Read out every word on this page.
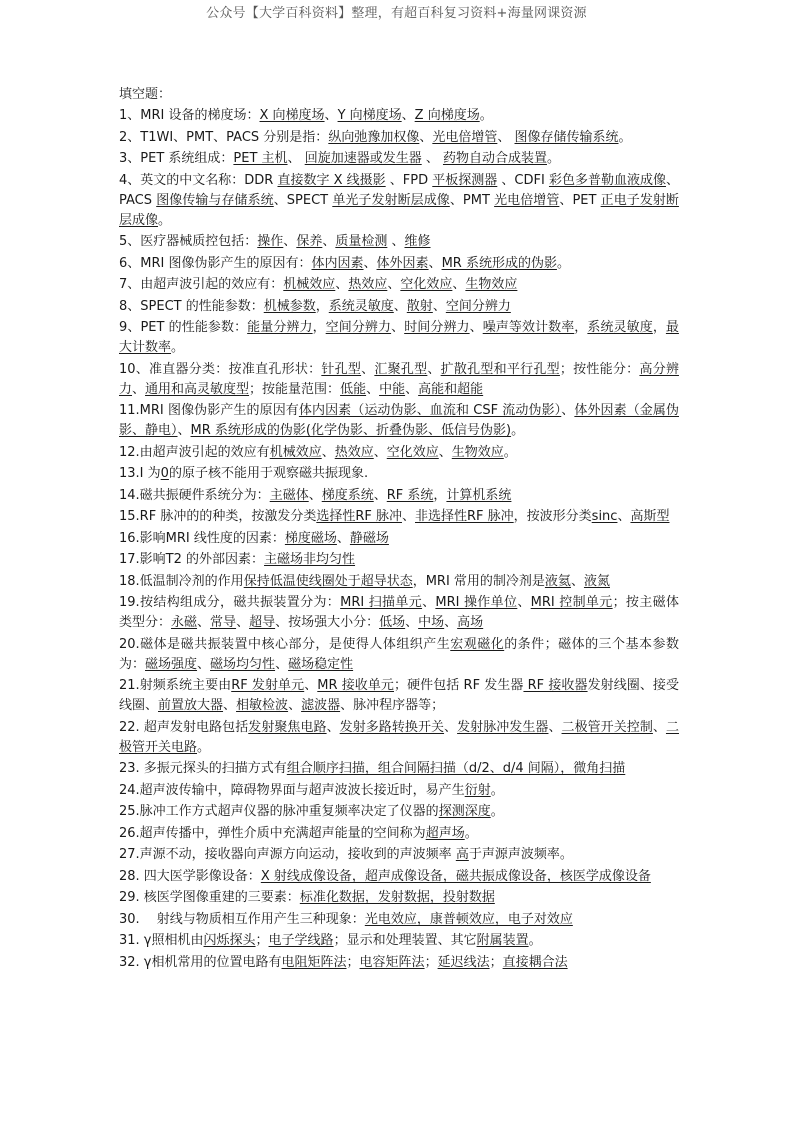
公众号【大学百科资料】整理，有超百科复习资料+海量网课资源
填空题：
1、MRI 设备的梯度场：X 向梯度场、Y 向梯度场、Z 向梯度场。
2、T1WI、PMT、PACS 分别是指：纵向弛豫加权像、光电倍增管、 图像存储传输系统。
3、PET 系统组成：PET 主机、 回旋加速器或发生器 、 药物自动合成装置。
4、英文的中文名称：DDR 直接数字 X 线摄影 、FPD 平板探测器 、CDFI 彩色多普勒血液成像、PACS 图像传输与存储系统、SPECT 单光子发射断层成像、PMT 光电倍增管、PET 正电子发射断层成像。
5、医疗器械质控包括：操作、保养、质量检测 、维修
6、MRI 图像伪影产生的原因有：体内因素、体外因素、MR 系统形成的伪影。
7、由超声波引起的效应有：机械效应、热效应、空化效应、生物效应
8、SPECT 的性能参数：机械参数，系统灵敏度、散射、空间分辨力
9、PET 的性能参数：能量分辨力，空间分辨力、时间分辨力、噪声等效计数率，系统灵敏度，最大计数率。
10、准直器分类：按准直孔形状：针孔型、汇聚孔型、扩散孔型和平行孔型；按性能分：高分辨力、通用和高灵敏度型；按能量范围：低能、中能、高能和超能
11.MRI 图像伪影产生的原因有体内因素（运动伪影、血流和 CSF 流动伪影）、体外因素（金属伪影、静电）、MR 系统形成的伪影(化学伪影、折叠伪影、低信号伪影)。
12.由超声波引起的效应有机械效应、热效应、空化效应、生物效应。
13.I 为0的原子核不能用于观察磁共振现象.
14.磁共振硬件系统分为：主磁体、梯度系统、RF 系统，计算机系统
15.RF 脉冲的的种类，按激发分类选择性RF 脉冲、非选择性RF 脉冲，按波形分类sinc、高斯型
16.影响MRI 线性度的因素：梯度磁场、静磁场
17.影响T2 的外部因素：主磁场非均匀性
18.低温制冷剂的作用保持低温使线圈处于超导状态，MRI 常用的制冷剂是液氦、液氮
19.按结构组成分，磁共振装置分为：MRI 扫描单元、MRI 操作单位、MRI 控制单元；按主磁体类型分：永磁、常导、超导、按场强大小分：低场、中场、高场
20.磁体是磁共振装置中核心部分，是使得人体组织产生宏观磁化的条件；磁体的三个基本参数为：磁场强度、磁场均匀性、磁场稳定性
21.射频系统主要由RF 发射单元、MR 接收单元；硬件包括 RF 发生器 RF 接收器发射线圈、接受线圈、前置放大器、相敏检波、滤波器、脉冲程序器等；
22. 超声发射电路包括发射聚焦电路、发射多路转换开关、发射脉冲发生器、二极管开关控制、二极管开关电路。
23. 多振元探头的扫描方式有组合顺序扫描，组合间隔扫描（d/2、d/4 间隔），微角扫描
24.超声波传输中，障碍物界面与超声波波长接近时，易产生衍射。
25.脉冲工作方式超声仪器的脉冲重复频率决定了仪器的探测深度。
26.超声传播中，弹性介质中充满超声能量的空间称为超声场。
27.声源不动，接收器向声源方向运动，接收到的声波频率 高于声源声波频率。
28. 四大医学影像设备：X 射线成像设备，超声成像设备，磁共振成像设备，核医学成像设备
29. 核医学图像重建的三要素：标准化数据，发射数据，投射数据
30.　 射线与物质相互作用产生三种现象：光电效应，康普顿效应，电子对效应
31. γ照相机由闪烁探头；电子学线路；显示和处理装置、其它附属装置。
32. γ相机常用的位置电路有电阻矩阵法；电容矩阵法；延迟线法；直接耦合法
